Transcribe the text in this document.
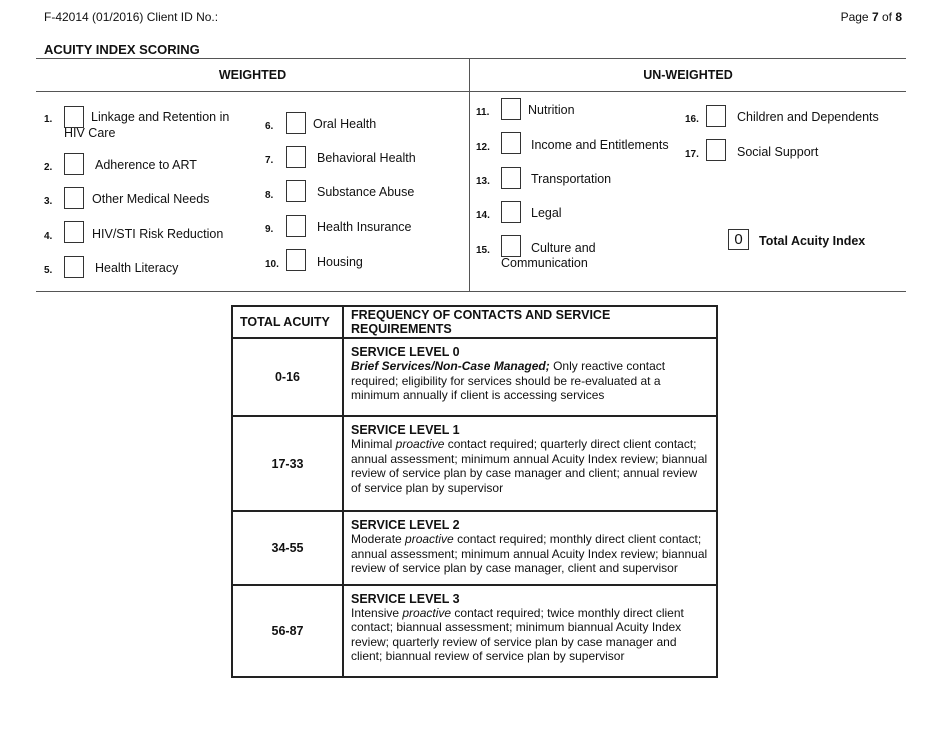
F-42014 (01/2016) Client ID No.:	Page 7 of 8
ACUITY INDEX SCORING
WEIGHTED	UN-WEIGHTED
1.	Linkage and Retention in
HIV Care
2.	Adherence to ART
3.	Other Medical Needs
4.	HIV/STI Risk Reduction
5.	Health Literacy
6.	Oral Health
7.	Behavioral Health
8.	Substance Abuse
9.	Health Insurance
10.	Housing
11.	Nutrition
12.	Income and Entitlements
13.	Transportation
14.	Legal
15.	Culture and
Communication
16.	Children and Dependents
17.	Social Support
0	Total Acuity Index
TOTAL ACUITY	FREQUENCY OF CONTACTS AND SERVICE REQUIREMENTS
0-16	SERVICE LEVEL 0
Brief Services/Non-Case Managed; Only reactive contact required; eligibility for services should be re-evaluated at a minimum annually if client is accessing services

17-33	SERVICE LEVEL 1
Minimal proactive contact required; quarterly direct client contact; annual assessment; minimum annual Acuity Index review; biannual review of service plan by case manager and client; annual review of service plan by supervisor

34-55	SERVICE LEVEL 2
Moderate proactive contact required; monthly direct client contact; annual assessment; minimum annual Acuity Index review; biannual review of service plan by case manager, client and supervisor

56-87	SERVICE LEVEL 3
Intensive proactive contact required; twice monthly direct client contact; biannual assessment; minimum biannual Acuity Index review; quarterly review of service plan by case manager and client; biannual review of service plan by supervisor
